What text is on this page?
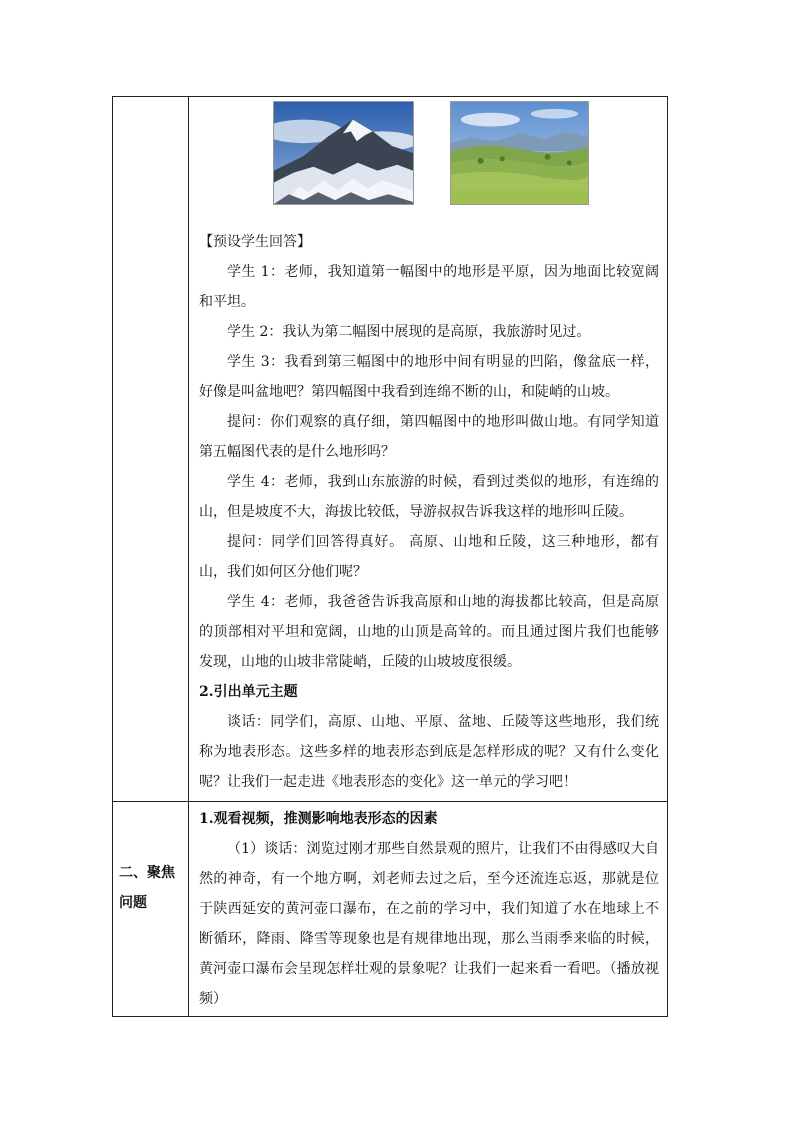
【预设学生回答】

学生 1：老师，我知道第一幅图中的地形是平原，因为地面比较宽阔和平坦。

学生 2：我认为第二幅图中展现的是高原，我旅游时见过。

学生 3：我看到第三幅图中的地形中间有明显的凹陷，像盆底一样，好像是叫盆地吧？第四幅图中我看到连绵不断的山，和陡峭的山坡。

提问：你们观察的真仔细，第四幅图中的地形叫做山地。有同学知道第五幅图代表的是什么地形吗？

学生 4：老师，我到山东旅游的时候，看到过类似的地形，有连绵的山，但是坡度不大，海拔比较低，导游叔叔告诉我这样的地形叫丘陵。

提问：同学们回答得真好。 高原、山地和丘陵，这三种地形，都有山，我们如何区分他们呢？

学生 4：老师，我爸爸告诉我高原和山地的海拔都比较高，但是高原的顶部相对平坦和宽阔，山地的山顶是高耸的。而且通过图片我们也能够发现，山地的山坡非常陡峭，丘陵的山坡坡度很缓。

2.引出单元主题

谈话：同学们，高原、山地、平原、盆地、丘陵等这些地形，我们统称为地表形态。这些多样的地表形态到底是怎样形成的呢？又有什么变化呢？让我们一起走进《地表形态的变化》这一单元的学习吧！

二、聚焦问题

1.观看视频，推测影响地表形态的因素

（1）谈话：浏览过刚才那些自然景观的照片，让我们不由得感叹大自然的神奇，有一个地方啊，刘老师去过之后，至今还流连忘返，那就是位于陕西延安的黄河壶口瀑布，在之前的学习中，我们知道了水在地球上不断循环，降雨、降雪等现象也是有规律地出现，那么当雨季来临的时候，黄河壶口瀑布会呈现怎样壮观的景象呢？让我们一起来看一看吧。（播放视频）
